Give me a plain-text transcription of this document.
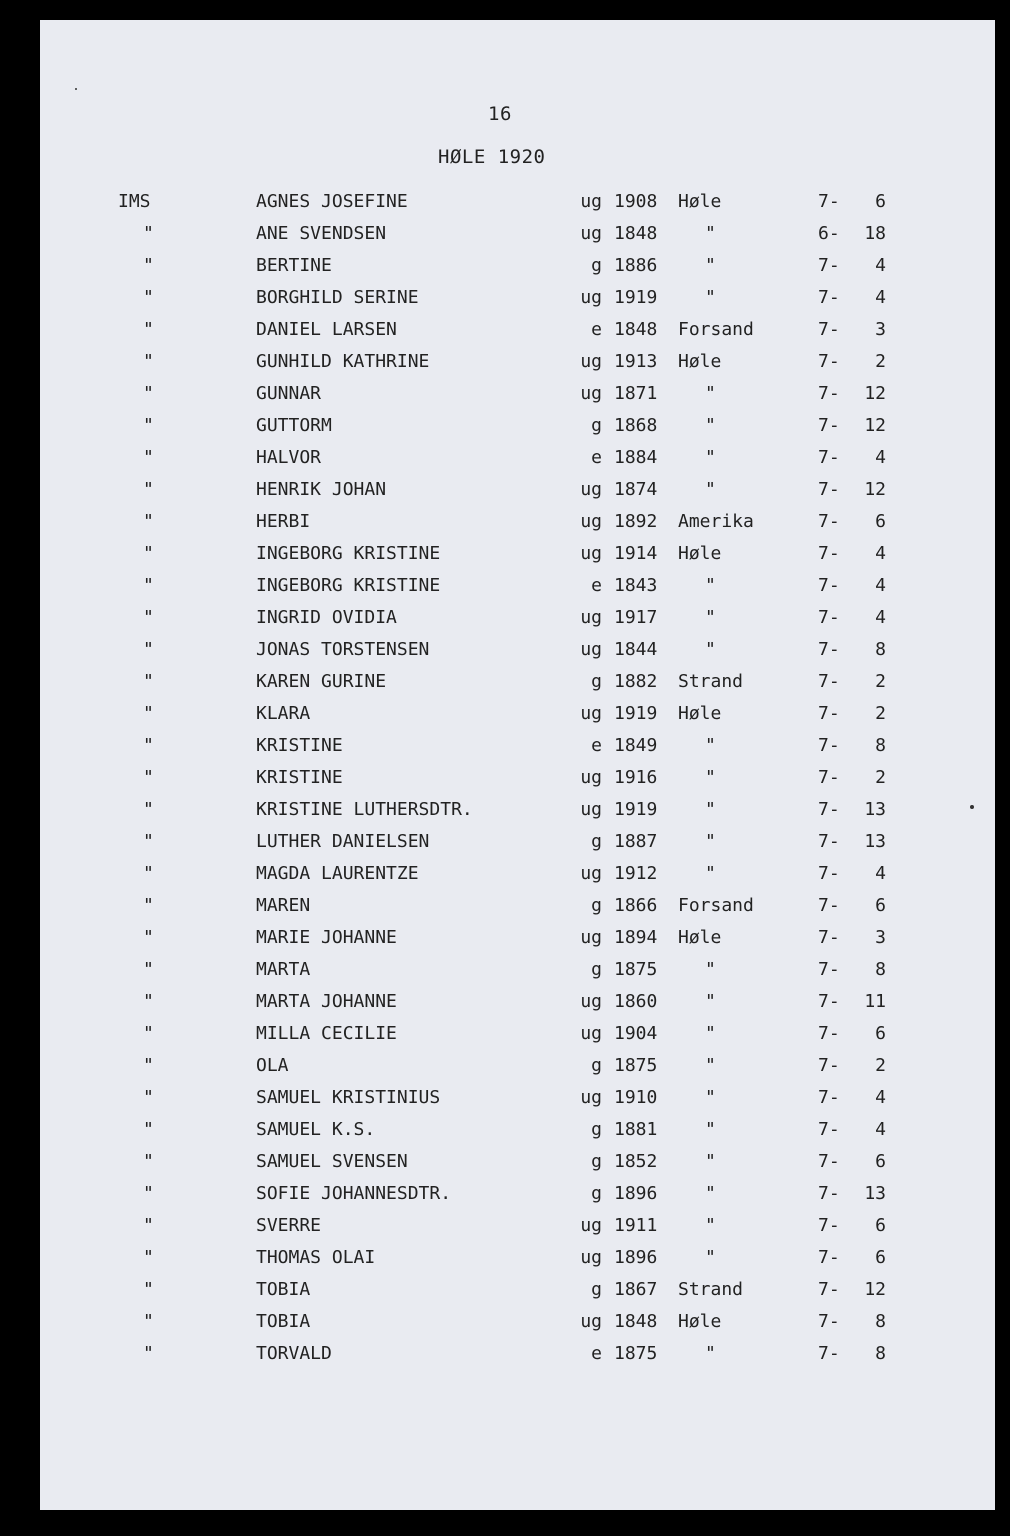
16
HØLE 1920
IMS	AGNES JOSEFINE	ug 1908 Høle	7-	6
"	ANE SVENDSEN	ug 1848	"	6-	18
"	BERTINE	g 1886	"	7-	4
"	BORGHILD SERINE	ug 1919	"	7-	4
"	DANIEL LARSEN	e 1848 Forsand	7-	3
"	GUNHILD KATHRINE	ug 1913 Høle	7-	2
"	GUNNAR	ug 1871	"	7-	12
"	GUTTORM	g 1868	"	7-	12
"	HALVOR	e 1884	"	7-	4
"	HENRIK JOHAN	ug 1874	"	7-	12
"	HERBI	ug 1892 Amerika	7-	6
"	INGEBORG KRISTINE	ug 1914 Høle	7-	4
"	INGEBORG KRISTINE	e 1843	"	7-	4
"	INGRID OVIDIA	ug 1917	"	7-	4
"	JONAS TORSTENSEN	ug 1844	"	7-	8
"	KAREN GURINE	g 1882 Strand	7-	2
"	KLARA	ug 1919 Høle	7-	2
"	KRISTINE	e 1849	"	7-	8
"	KRISTINE	ug 1916	"	7-	2
"	KRISTINE LUTHERSDTR.	ug 1919	"	7-	13
"	LUTHER DANIELSEN	g 1887	"	7-	13
"	MAGDA LAURENTZE	ug 1912	"	7-	4
"	MAREN	g 1866 Forsand	7-	6
"	MARIE JOHANNE	ug 1894 Høle	7-	3
"	MARTA	g 1875	"	7-	8
"	MARTA JOHANNE	ug 1860	"	7-	11
"	MILLA CECILIE	ug 1904	"	7-	6
"	OLA	g 1875	"	7-	2
"	SAMUEL KRISTINIUS	ug 1910	"	7-	4
"	SAMUEL K.S.	g 1881	"	7-	4
"	SAMUEL SVENSEN	g 1852	"	7-	6
"	SOFIE JOHANNESDTR.	g 1896	"	7-	13
"	SVERRE	ug 1911	"	7-	6
"	THOMAS OLAI	ug 1896	"	7-	6
"	TOBIA	g 1867 Strand	7-	12
"	TOBIA	ug 1848 Høle	7-	8
"	TORVALD	e 1875	"	7-	8
